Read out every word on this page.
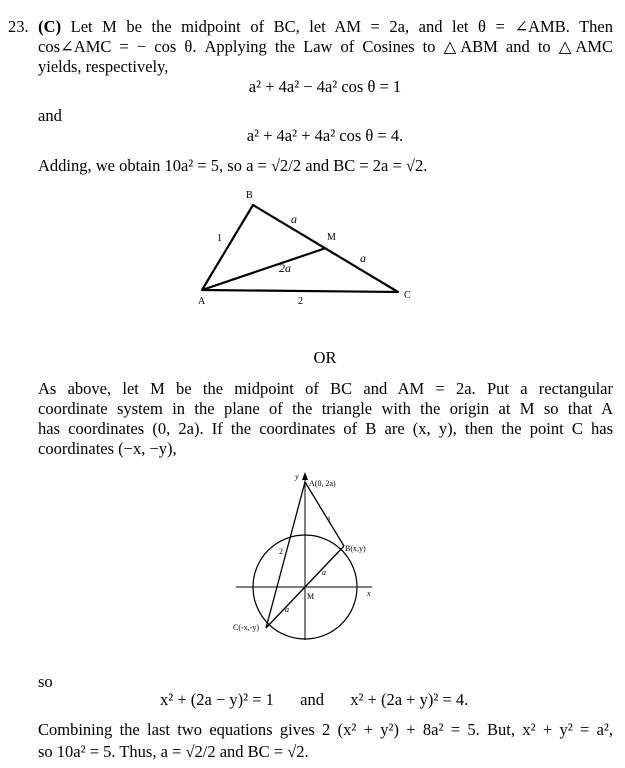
23. (C) Let M be the midpoint of BC, let AM = 2a, and let θ = ∠AMB. Then
cos∠AMC = − cos θ. Applying the Law of Cosines to △ABM and to △AMC
yields, respectively,
a² + 4a² − 4a² cos θ = 1
and
a² + 4a² + 4a² cos θ = 4.
Adding, we obtain 10a² = 5, so a = √2/2 and BC = 2a = √2.
B
M
A
C
1
a
a
2a
2
OR
As above, let M be the midpoint of BC and AM = 2a. Put a rectangular
coordinate system in the plane of the triangle with the origin at M so that A
has coordinates (0, 2a). If the coordinates of B are (x, y), then the point C has
coordinates (−x, −y),
y
x
A(0, 2a)
B(x,y)
C(-x,-y)
M
1
2
a
a
so
x² + (2a − y)² = 1 and x² + (2a + y)² = 4.
Combining the last two equations gives 2 (x² + y²) + 8a² = 5. But, x² + y² = a²,
so 10a² = 5. Thus, a = √2/2 and BC = √2.
